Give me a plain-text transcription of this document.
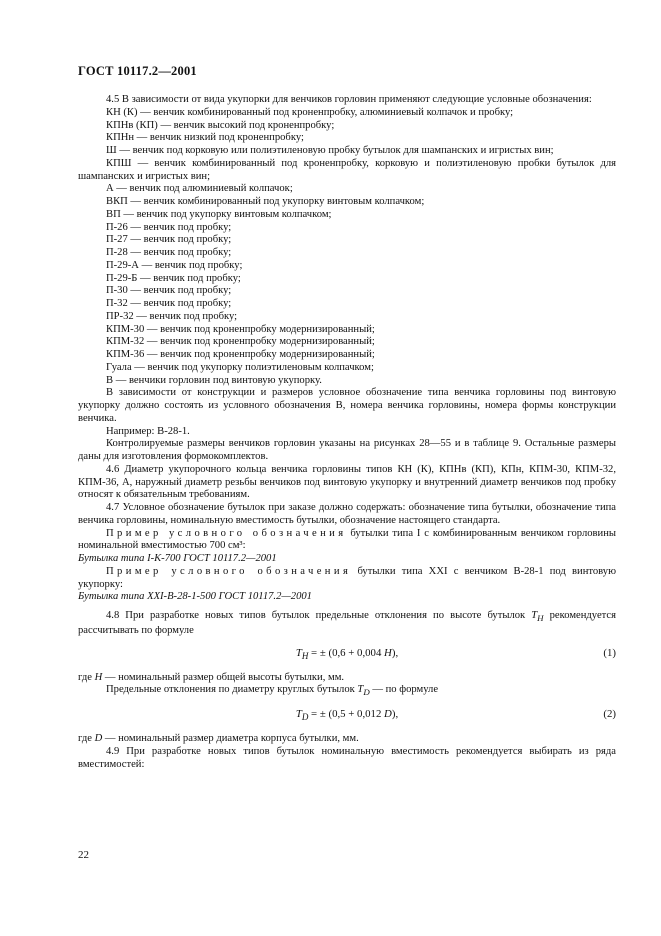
ГОСТ 10117.2—2001

4.5 В зависимости от вида укупорки для венчиков горловин применяют следующие условные обозначения:

КН (К) — венчик комбинированный под кроненпробку, алюминиевый колпачок и пробку;

КПНв (КП) — венчик высокий под кроненпробку;

КПНн — венчик низкий под кроненпробку;

Ш — венчик под корковую или полиэтиленовую пробку бутылок для шампанских и игристых вин;

КПШ — венчик комбинированный под кроненпробку, корковую и полиэтиленовую пробки бутылок для шампанских и игристых вин;

А — венчик под алюминиевый колпачок;

ВКП — венчик комбинированный под укупорку винтовым колпачком;

ВП — венчик под укупорку винтовым колпачком;

П-26 — венчик под пробку;

П-27 — венчик под пробку;

П-28 — венчик под пробку;

П-29-А — венчик под пробку;

П-29-Б — венчик под пробку;

П-30 — венчик под пробку;

П-32 — венчик под пробку;

ПР-32 — венчик под пробку;

КПМ-30 — венчик под кроненпробку модернизированный;

КПМ-32 — венчик под кроненпробку модернизированный;

КПМ-36 — венчик под кроненпробку модернизированный;

Гуала — венчик под укупорку полиэтиленовым колпачком;

В — венчики горловин под винтовую укупорку.

В зависимости от конструкции и размеров условное обозначение типа венчика горловины под винтовую укупорку должно состоять из условного обозначения В, номера венчика горловины, номера формы конструкции венчика.

Например: В-28-1.

Контролируемые размеры венчиков горловин указаны на рисунках 28—55 и в таблице 9. Остальные размеры даны для изготовления формокомплектов.

4.6 Диаметр укупорочного кольца венчика горловины типов КН (К), КПНв (КП), КПн, КПМ-30, КПМ-32, КПМ-36, А, наружный диаметр резьбы венчиков под винтовую укупорку и внутренний диаметр венчиков под пробку относят к обязательным требованиям.

4.7 Условное обозначение бутылок при заказе должно содержать: обозначение типа бутылки, обозначение типа венчика горловины, номинальную вместимость бутылки, обозначение настоящего стандарта.

Пример условного обозначения бутылки типа I с комбинированным венчиком горловины номинальной вместимостью 700 см³:

Бутылка типа I-К-700 ГОСТ 10117.2—2001

Пример условного обозначения бутылки типа XXI с венчиком В-28-1 под винтовую укупорку:

Бутылка типа XXI-В-28-1-500 ГОСТ 10117.2—2001

4.8 При разработке новых типов бутылок предельные отклонения по высоте бутылок $T_H$ рекомендуется рассчитывать по формуле

$T_H$ = ± (0,6 + 0,004 H),	(1)

где H — номинальный размер общей высоты бутылки, мм.

Предельные отклонения по диаметру круглых бутылок $T_D$ — по формуле

$T_D$ = ± (0,5 + 0,012 D),	(2)

где D — номинальный размер диаметра корпуса бутылки, мм.

4.9 При разработке новых типов бутылок номинальную вместимость рекомендуется выбирать из ряда вместимостей:

22
